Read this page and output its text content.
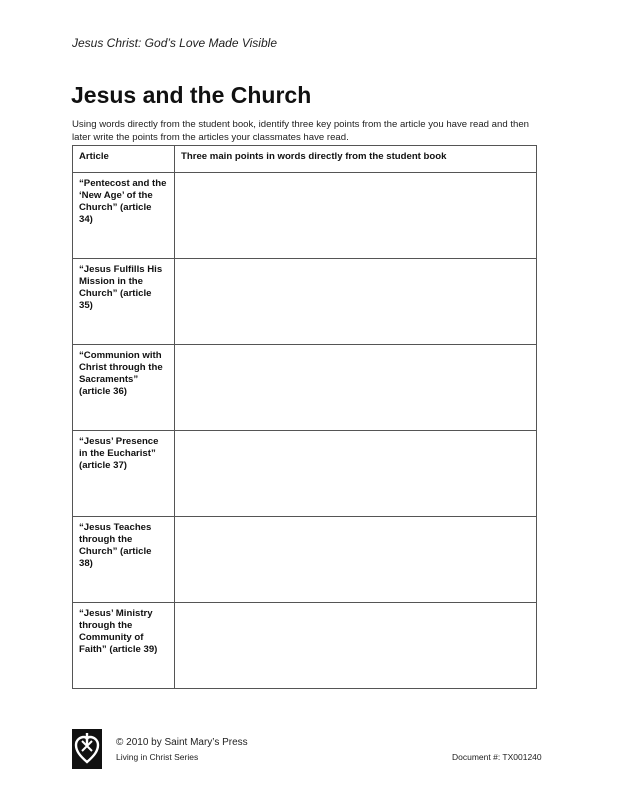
Jesus Christ: God’s Love Made Visible
Jesus and the Church
Using words directly from the student book, identify three key points from the article you have read and then later write the points from the articles your classmates have read.
Article	Three main points in words directly from the student book
“Pentecost and the ‘New Age’ of the Church” (article 34)	
“Jesus Fulfills His Mission in the Church” (article 35)	
“Communion with Christ through the Sacraments” (article 36)	
“Jesus’ Presence in the Eucharist” (article 37)	
“Jesus Teaches through the Church” (article 38)	
“Jesus’ Ministry through the Community of Faith” (article 39)	
© 2010 by Saint Mary’s Press
Living in Christ Series	Document #: TX001240
